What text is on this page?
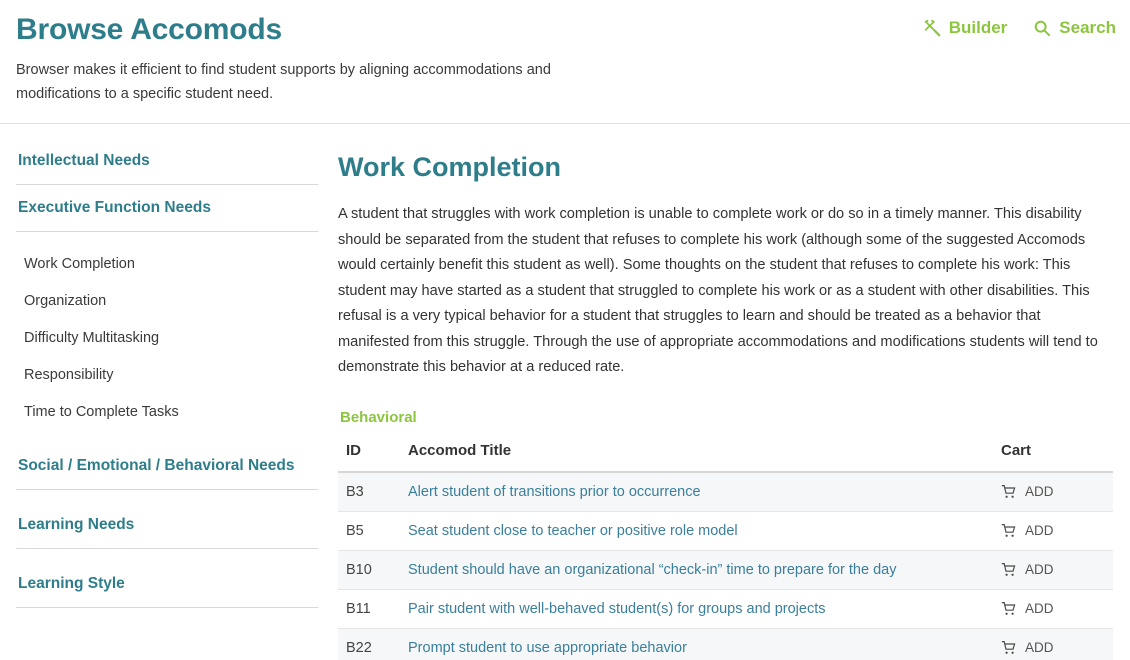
Browse Accomods

Browser makes it efficient to find student supports by aligning accommodations and modifications to a specific student need.

Builder	Search
Intellectual Needs
Executive Function Needs
Work Completion
Organization
Difficulty Multitasking
Responsibility
Time to Complete Tasks
Social / Emotional / Behavioral Needs
Learning Needs
Learning Style
Work Completion

A student that struggles with work completion is unable to complete work or do so in a timely manner. This disability should be separated from the student that refuses to complete his work (although some of the suggested Accomods would certainly benefit this student as well). Some thoughts on the student that refuses to complete his work: This student may have started as a student that struggled to complete his work or as a student with other disabilities. This refusal is a very typical behavior for a student that struggles to learn and should be treated as a behavior that manifested from this struggle. Through the use of appropriate accommodations and modifications students will tend to demonstrate this behavior at a reduced rate.

Behavioral
ID	Accomod Title	Cart
B3	Alert student of transitions prior to occurrence	ADD

B5	Seat student close to teacher or positive role model	ADD

B10	Student should have an organizational “check-in” time to prepare for the day	ADD

B11	Pair student with well-behaved student(s) for groups and projects	ADD

B22	Prompt student to use appropriate behavior	ADD
